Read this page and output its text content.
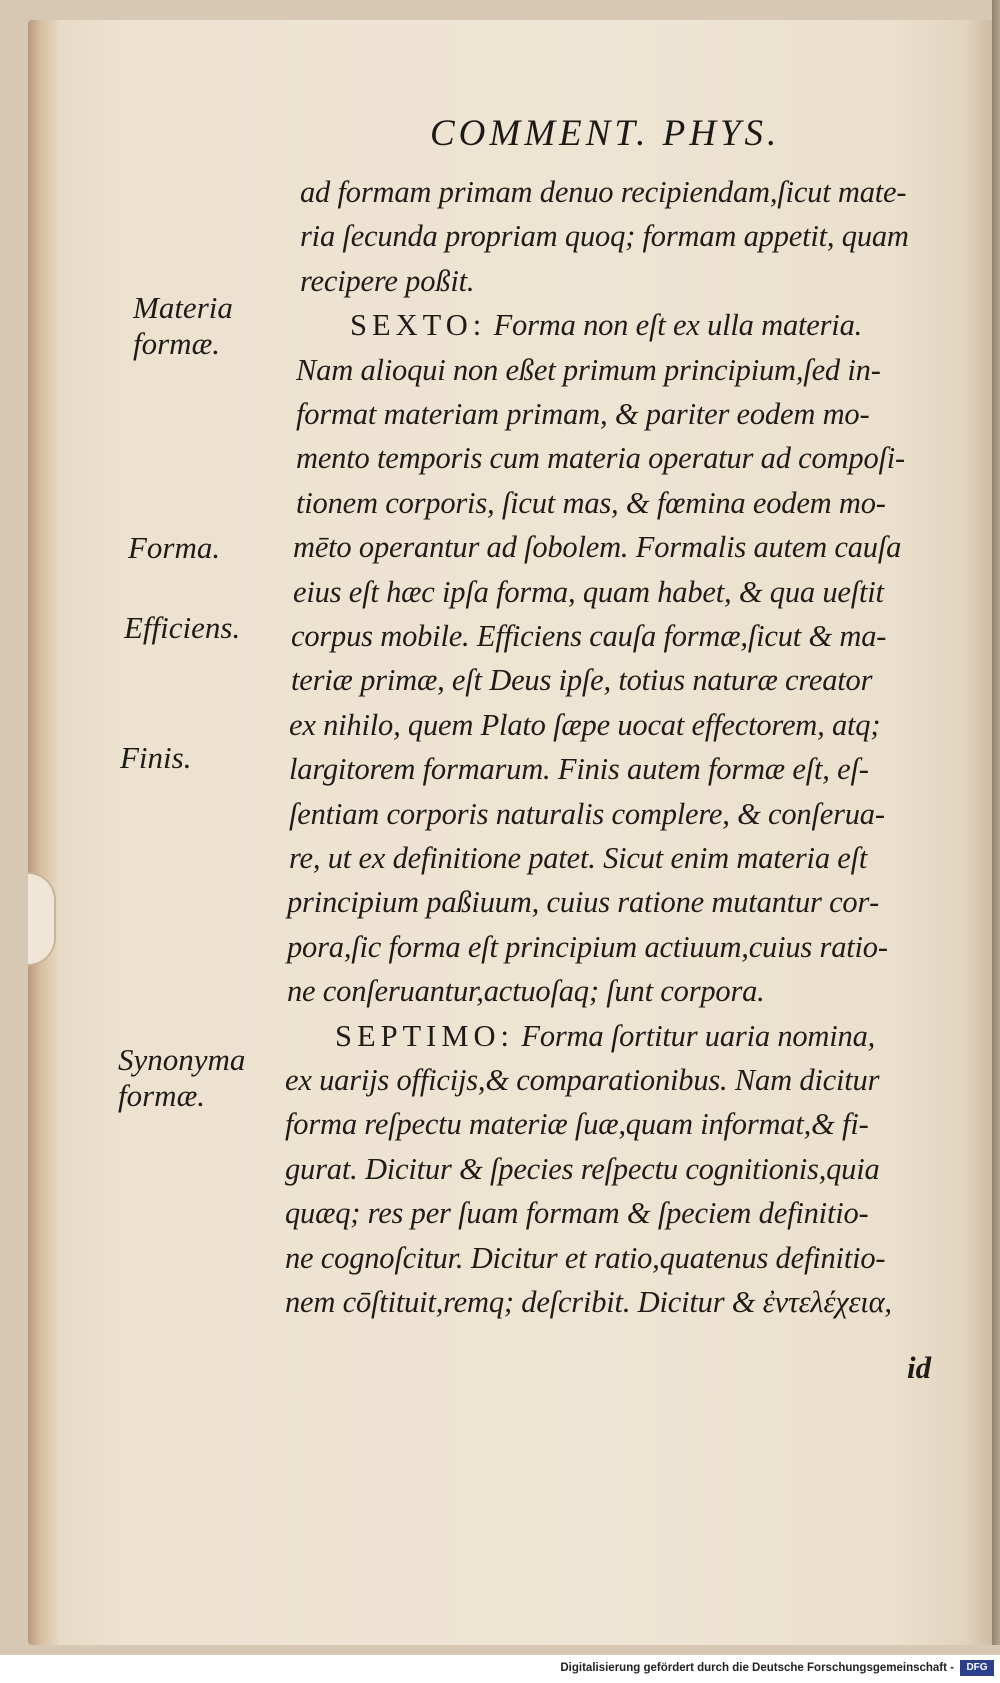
COMMENT. PHYS.
ad formam primam denuo recipiendam,ſicut mate‑
ria ſecunda propriam quoq; formam appetit, quam
recipere poßit.
SEXTO: Forma non eſt ex ulla materia.
Nam alioqui non eßet primum principium,ſed in‑
format materiam primam, & pariter eodem mo‑
mento temporis cum materia operatur ad compoſi‑
tionem corporis, ſicut mas, & fœmina eodem mo‑
mēto operantur ad ſobolem. Formalis autem cauſa
eius eſt hæc ipſa forma, quam habet, & qua ueſtit
corpus mobile. Efficiens cauſa formæ,ſicut & ma‑
teriæ primæ, eſt Deus ipſe, totius naturæ creator
ex nihilo, quem Plato ſæpe uocat effectorem, atq;
largitorem formarum. Finis autem formæ eſt, eſ‑
ſentiam corporis naturalis complere, & conſerua‑
re, ut ex definitione patet. Sicut enim materia eſt
principium paßiuum, cuius ratione mutantur cor‑
pora,ſic forma eſt principium actiuum,cuius ratio‑
ne conſeruantur,actuoſaq; ſunt corpora.
SEPTIMO: Forma ſortitur uaria nomina,
ex uarijs officijs,& comparationibus. Nam dicitur
forma reſpectu materiæ ſuæ,quam informat,& fi‑
gurat. Dicitur & ſpecies reſpectu cognitionis,quia
quæq; res per ſuam formam & ſpeciem definitio‑
ne cognoſcitur. Dicitur et ratio,quatenus definitio‑
nem cōſtituit,remq; deſcribit. Dicitur & ἐντελέχεια,
Materia
formæ.
Forma.
Efficiens.
Finis.
Synonyma
formæ.
id
Digitalisierung gefördert durch die Deutsche Forschungsgemeinschaft -	DFG
